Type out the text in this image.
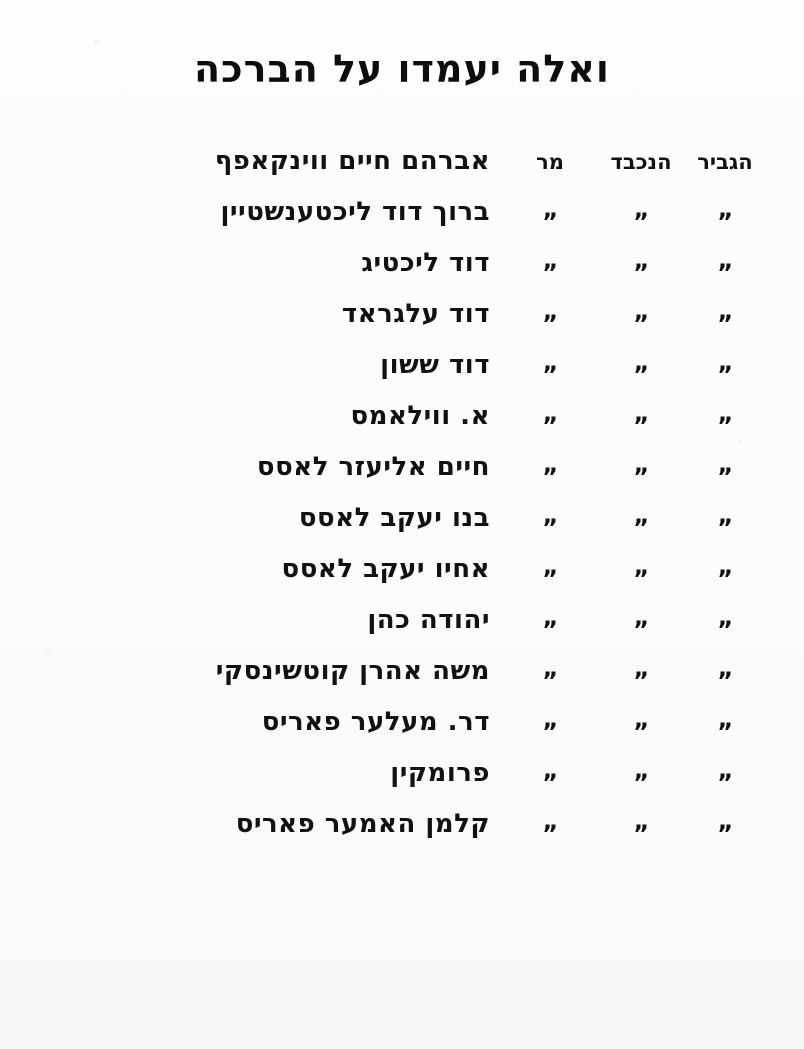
ואלה יעמדו על הברכה
הגביר
הנכבד
מר
אברהם חיים ווינקאפף
„
„
„
ברוך דוד ליכטענשטיין
„
„
„
דוד ליכטיג
„
„
„
דוד עלגראד
„
„
„
דוד ששון
„
„
„
א. ווילאמס
„
„
„
חיים אליעזר לאסס
„
„
„
בנו יעקב לאסס
„
„
„
אחיו יעקב לאסס
„
„
„
יהודה כהן
„
„
„
משה אהרן קוטשינסקי
„
„
„
דר. מעלער פאריס
„
„
„
פרומקין
„
„
„
קלמן האמער פאריס
